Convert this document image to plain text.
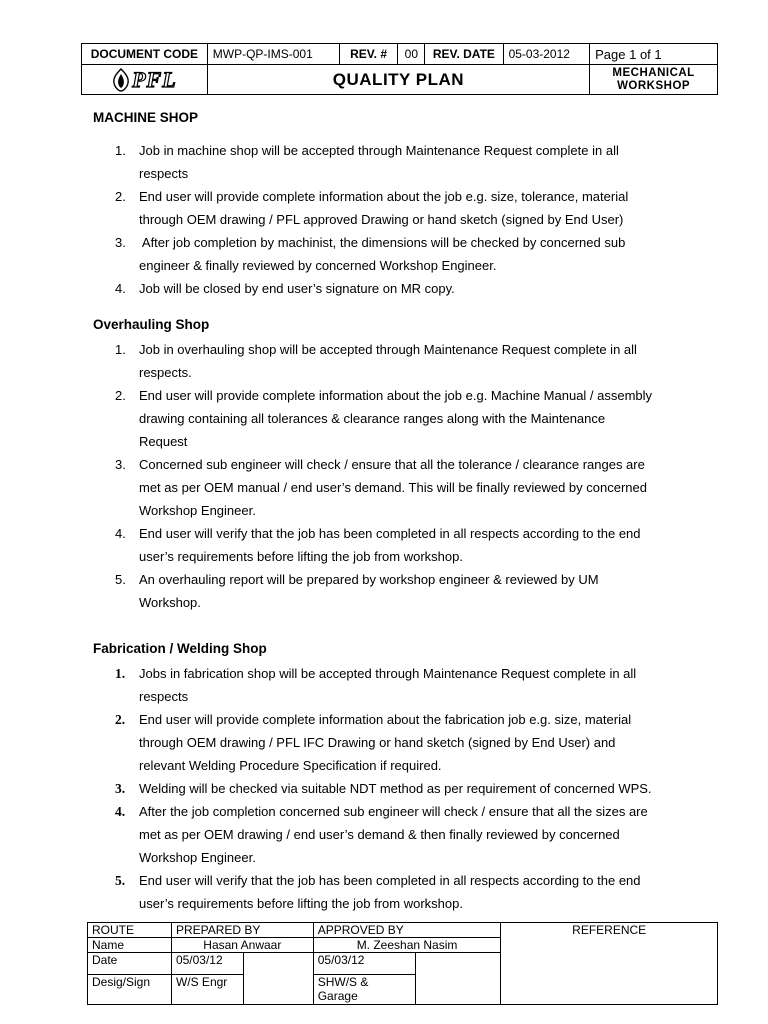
DOCUMENT CODE	MWP-QP-IMS-001	REV. #	00	REV. DATE	05-03-2012	Page 1 of 1

PFL	QUALITY PLAN					MECHANICAL
WORKSHOP
MACHINE SHOP
1. Job in machine shop will be accepted through Maintenance Request complete in all
respects
2. End user will provide complete information about the job e.g. size, tolerance, material
through OEM drawing / PFL approved Drawing or hand sketch (signed by End User)
3. After job completion by machinist, the dimensions will be checked by concerned sub
engineer & finally reviewed by concerned Workshop Engineer.
4. Job will be closed by end user’s signature on MR copy.
Overhauling Shop
1. Job in overhauling shop will be accepted through Maintenance Request complete in all
respects.
2. End user will provide complete information about the job e.g. Machine Manual / assembly
drawing containing all tolerances & clearance ranges along with the Maintenance
Request
3. Concerned sub engineer will check / ensure that all the tolerance / clearance ranges are
met as per OEM manual / end user’s demand. This will be finally reviewed by concerned
Workshop Engineer.
4. End user will verify that the job has been completed in all respects according to the end
user’s requirements before lifting the job from workshop.
5. An overhauling report will be prepared by workshop engineer & reviewed by UM
Workshop.
Fabrication / Welding Shop
1. Jobs in fabrication shop will be accepted through Maintenance Request complete in all
respects
2. End user will provide complete information about the fabrication job e.g. size, material
through OEM drawing / PFL IFC Drawing or hand sketch (signed by End User) and
relevant Welding Procedure Specification if required.
3. Welding will be checked via suitable NDT method as per requirement of concerned WPS.
4. After the job completion concerned sub engineer will check / ensure that all the sizes are
met as per OEM drawing / end user’s demand & then finally reviewed by concerned
Workshop Engineer.
5. End user will verify that the job has been completed in all respects according to the end
user’s requirements before lifting the job from workshop.
ROUTE	PREPARED BY		APPROVED BY		REFERENCE
Name	Hasan Anwaar		M. Zeeshan Nasim		
Date	05/03/12		05/03/12		
Desig/Sign	W/S Engr		SHW/S &
Garage		
